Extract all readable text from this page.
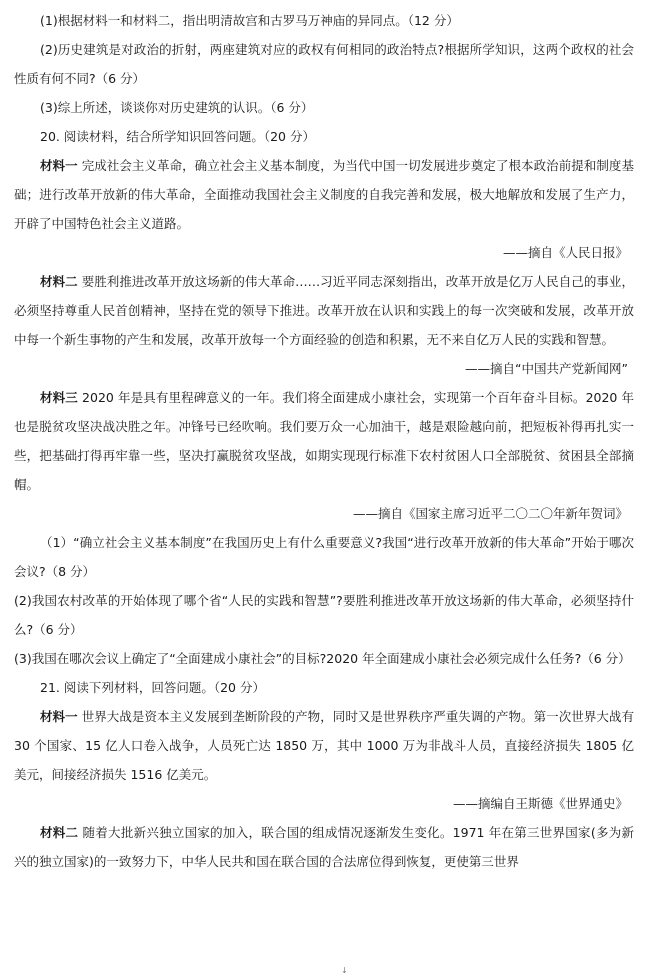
(1)根据材料一和材料二，指出明清故宫和古罗马万神庙的异同点。（12 分）

(2)历史建筑是对政治的折射，两座建筑对应的政权有何相同的政治特点?根据所学知识，这两个政权的社会性质有何不同?（6 分）

(3)综上所述，谈谈你对历史建筑的认识。（6 分）

20. 阅读材料，结合所学知识回答问题。（20 分）

材料一 完成社会主义革命，确立社会主义基本制度，为当代中国一切发展进步奠定了根本政治前提和制度基础；进行改革开放新的伟大革命，全面推动我国社会主义制度的自我完善和发展，极大地解放和发展了生产力，开辟了中国特色社会主义道路。

——摘自《人民日报》

材料二 要胜利推进改革开放这场新的伟大革命……习近平同志深刻指出，改革开放是亿万人民自己的事业，必须坚持尊重人民首创精神，坚持在党的领导下推进。改革开放在认识和实践上的每一次突破和发展，改革开放中每一个新生事物的产生和发展，改革开放每一个方面经验的创造和积累，无不来自亿万人民的实践和智慧。

——摘自“中国共产党新闻网”

材料三 2020 年是具有里程碑意义的一年。我们将全面建成小康社会，实现第一个百年奋斗目标。2020 年也是脱贫攻坚决战决胜之年。冲锋号已经吹响。我们要万众一心加油干，越是艰险越向前，把短板补得再扎实一些，把基础打得再牢靠一些，坚决打赢脱贫攻坚战，如期实现现行标准下农村贫困人口全部脱贫、贫困县全部摘帽。

——摘自《国家主席习近平二〇二〇年新年贺词》

（1）“确立社会主义基本制度”在我国历史上有什么重要意义?我国“进行改革开放新的伟大革命”开始于哪次会议?（8 分）

(2)我国农村改革的开始体现了哪个省“人民的实践和智慧”?要胜利推进改革开放这场新的伟大革命，必须坚持什么?（6 分）

(3)我国在哪次会议上确定了“全面建成小康社会”的目标?2020 年全面建成小康社会必须完成什么任务?（6 分）

21. 阅读下列材料，回答问题。（20 分）

材料一 世界大战是资本主义发展到垄断阶段的产物，同时又是世界秩序严重失调的产物。第一次世界大战有 30 个国家、15 亿人口卷入战争，人员死亡达 1850 万，其中 1000 万为非战斗人员，直接经济损失 1805 亿美元，间接经济损失 1516 亿美元。

——摘编自王斯德《世界通史》

材料二 随着大批新兴独立国家的加入，联合国的组成情况逐渐发生变化。1971 年在第三世界国家(多为新兴的独立国家)的一致努力下，中华人民共和国在联合国的合法席位得到恢复，更使第三世界

↓
